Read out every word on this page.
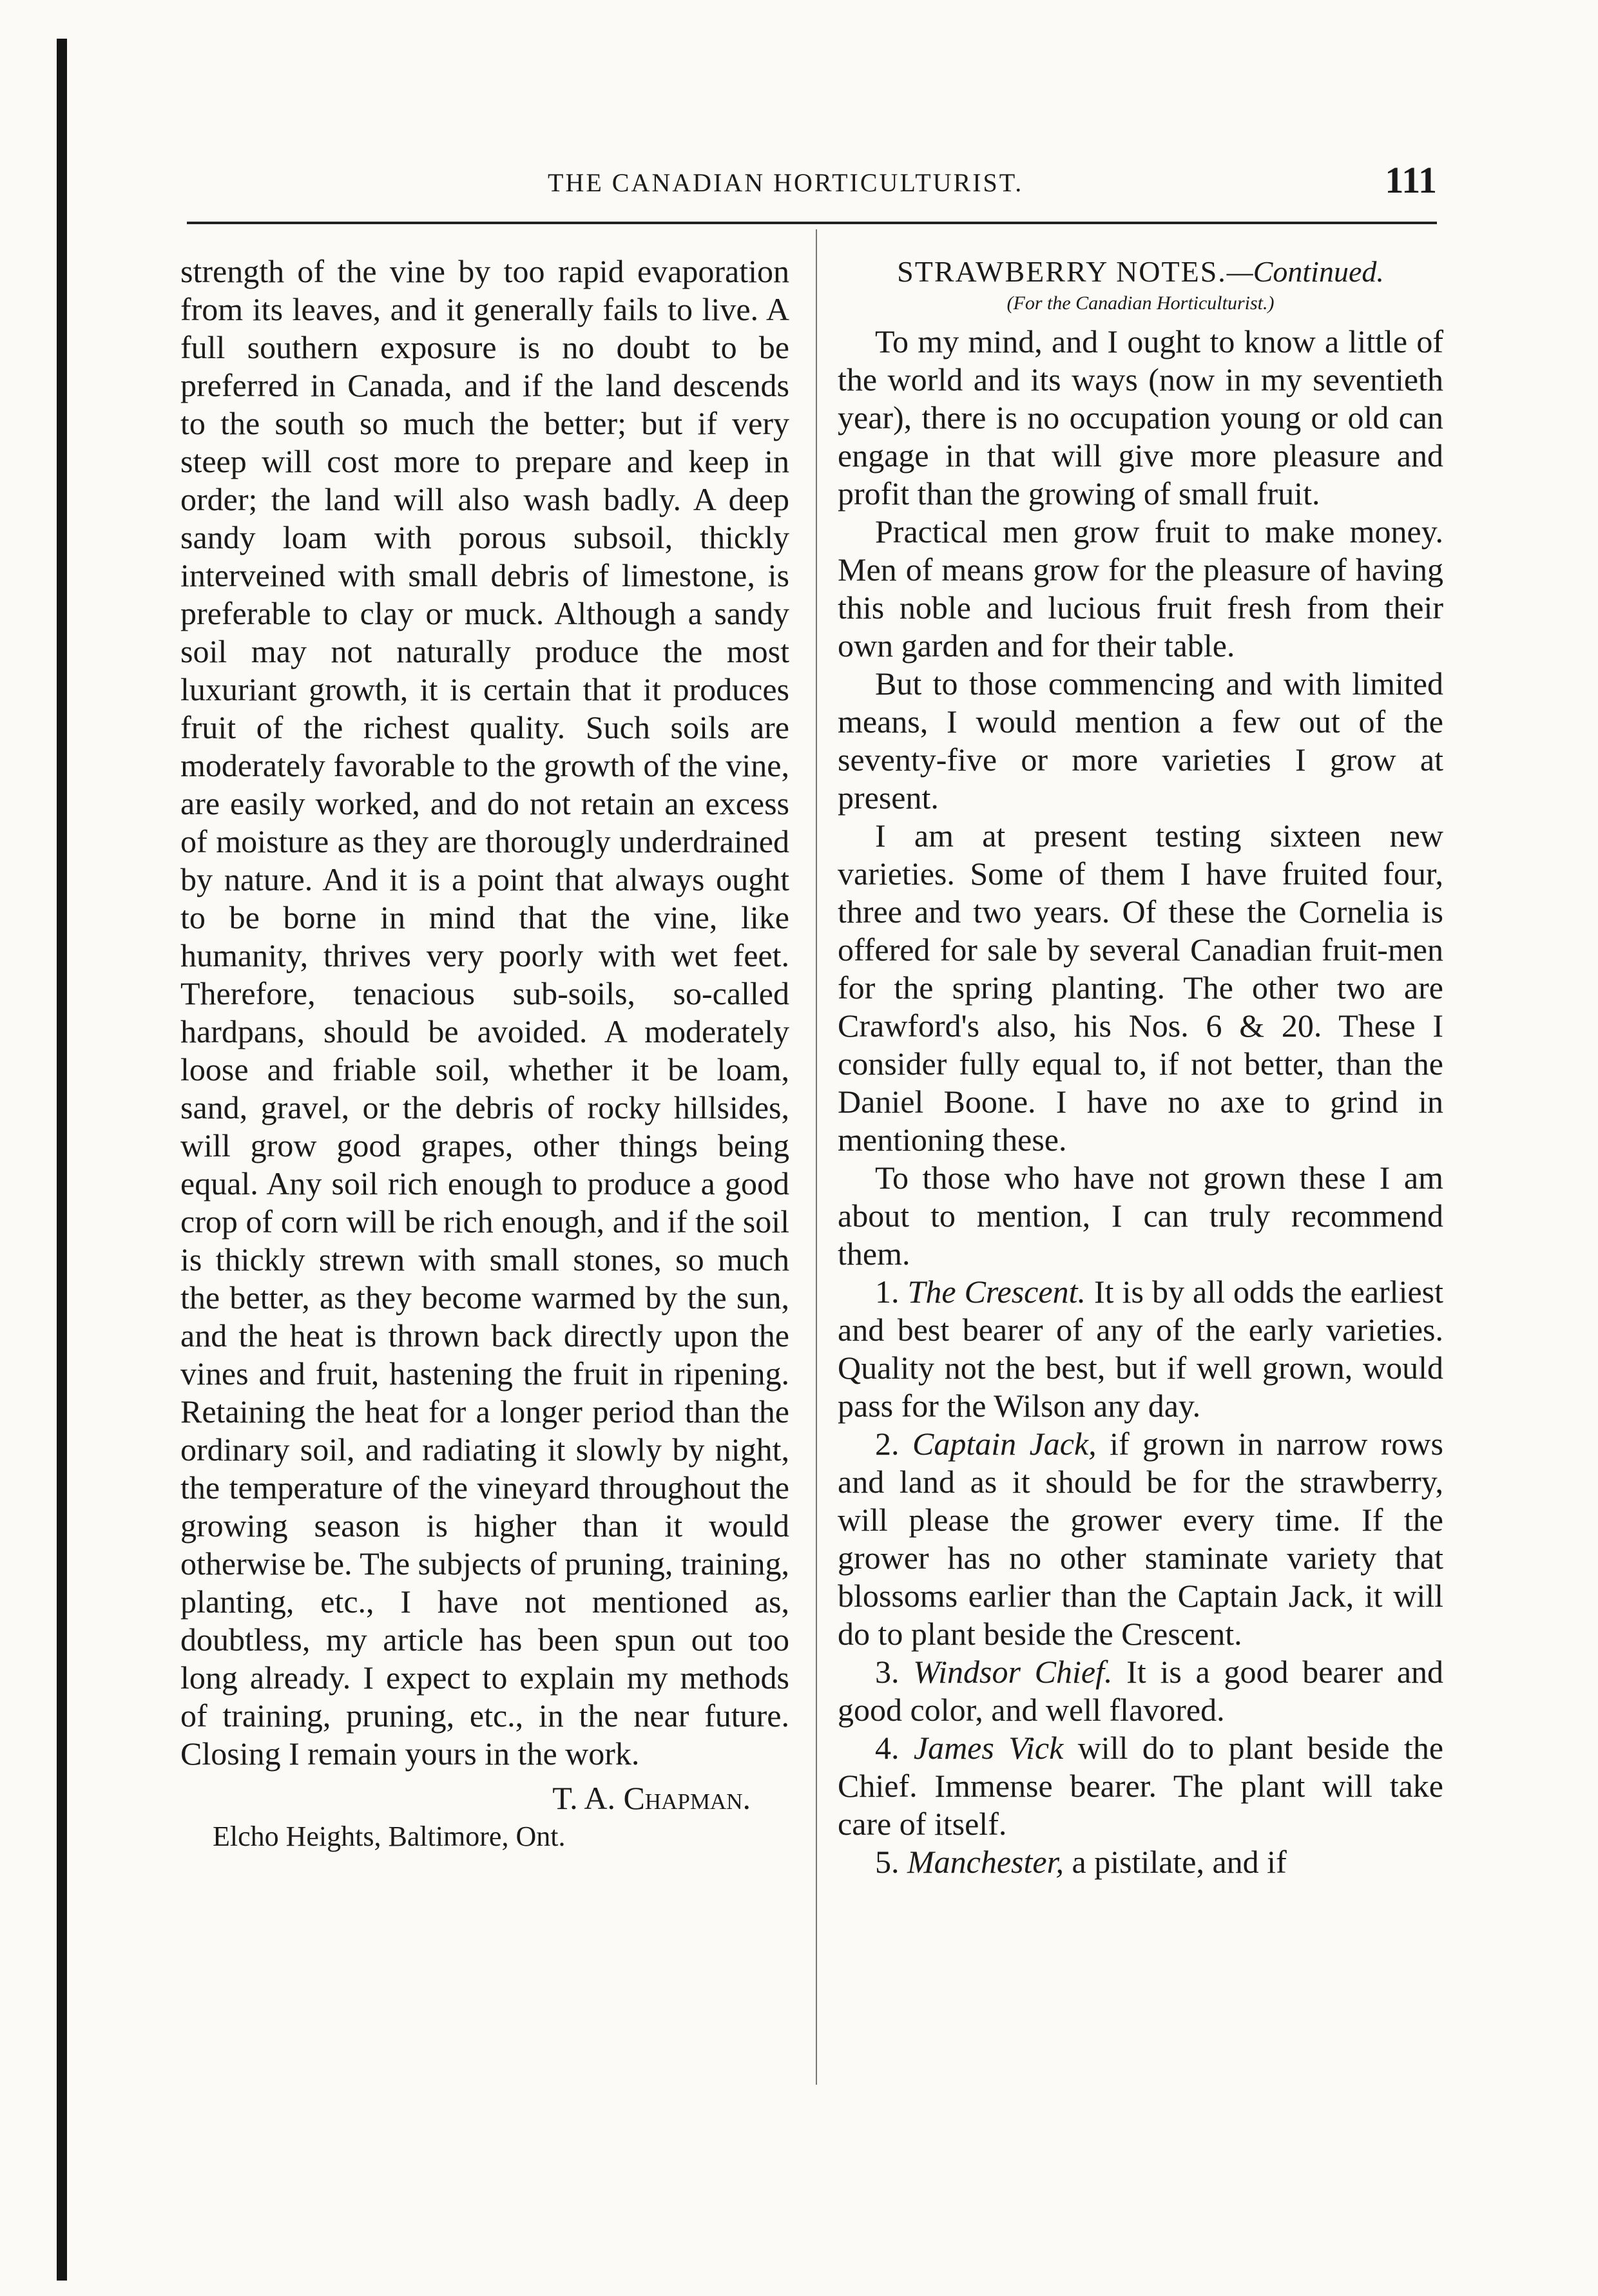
THE CANADIAN HORTICULTURIST.	111

strength of the vine by too rapid evaporation from its leaves, and it generally fails to live. A full southern exposure is no doubt to be preferred in Canada, and if the land descends to the south so much the better; but if very steep will cost more to prepare and keep in order; the land will also wash badly. A deep sandy loam with porous subsoil, thickly interveined with small debris of limestone, is preferable to clay or muck. Although a sandy soil may not naturally produce the most luxuriant growth, it is certain that it produces fruit of the richest quality. Such soils are moderately favorable to the growth of the vine, are easily worked, and do not retain an excess of moisture as they are thorougly underdrained by nature. And it is a point that always ought to be borne in mind that the vine, like humanity, thrives very poorly with wet feet. Therefore, tenacious sub-soils, so-called hardpans, should be avoided. A moderately loose and friable soil, whether it be loam, sand, gravel, or the debris of rocky hillsides, will grow good grapes, other things being equal. Any soil rich enough to produce a good crop of corn will be rich enough, and if the soil is thickly strewn with small stones, so much the better, as they become warmed by the sun, and the heat is thrown back directly upon the vines and fruit, hastening the fruit in ripening. Retaining the heat for a longer period than the ordinary soil, and radiating it slowly by night, the temperature of the vineyard throughout the growing season is higher than it would otherwise be. The subjects of pruning, training, planting, etc., I have not mentioned as, doubtless, my article has been spun out too long already. I expect to explain my methods of training, pruning, etc., in the near future. Closing I remain yours in the work.

T. A. Chapman.

Elcho Heights, Baltimore, Ont.

STRAWBERRY NOTES.—Continued.
(For the Canadian Horticulturist.)

To my mind, and I ought to know a little of the world and its ways (now in my seventieth year), there is no occupation young or old can engage in that will give more pleasure and profit than the growing of small fruit.

Practical men grow fruit to make money. Men of means grow for the pleasure of having this noble and lucious fruit fresh from their own garden and for their table.

But to those commencing and with limited means, I would mention a few out of the seventy-five or more varieties I grow at present.

I am at present testing sixteen new varieties. Some of them I have fruited four, three and two years. Of these the Cornelia is offered for sale by several Canadian fruit-men for the spring planting. The other two are Crawford's also, his Nos. 6 & 20. These I consider fully equal to, if not better, than the Daniel Boone. I have no axe to grind in mentioning these.

To those who have not grown these I am about to mention, I can truly recommend them.

1. The Crescent. It is by all odds the earliest and best bearer of any of the early varieties. Quality not the best, but if well grown, would pass for the Wilson any day.

2. Captain Jack, if grown in narrow rows and land as it should be for the strawberry, will please the grower every time. If the grower has no other staminate variety that blossoms earlier than the Captain Jack, it will do to plant beside the Crescent.

3. Windsor Chief. It is a good bearer and good color, and well flavored.

4. James Vick will do to plant beside the Chief. Immense bearer. The plant will take care of itself.

5. Manchester, a pistilate, and if
